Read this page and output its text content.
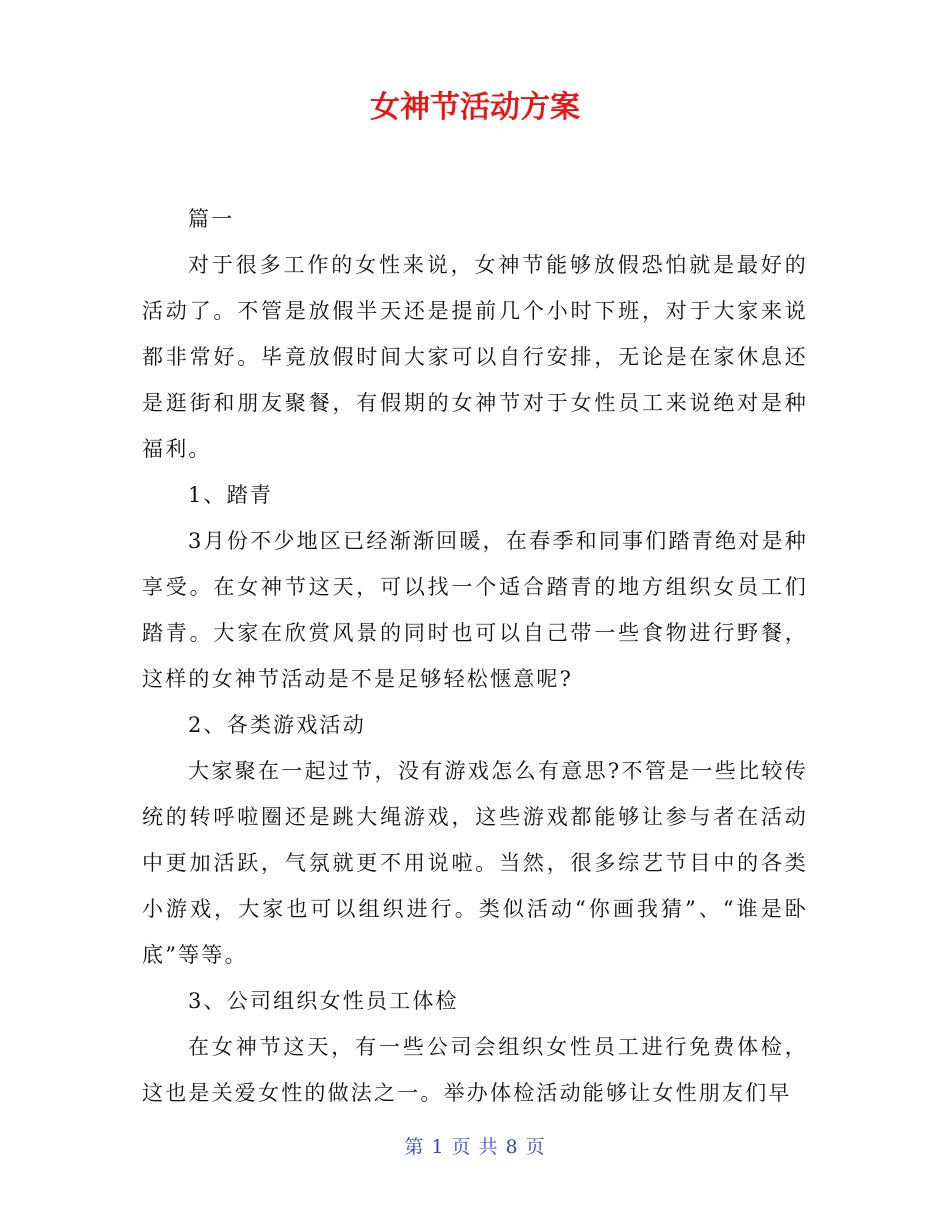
女神节活动方案

篇一

对于很多工作的女性来说，女神节能够放假恐怕就是最好的活动了。不管是放假半天还是提前几个小时下班，对于大家来说都非常好。毕竟放假时间大家可以自行安排，无论是在家休息还是逛街和朋友聚餐，有假期的女神节对于女性员工来说绝对是种福利。

1、踏青

3月份不少地区已经渐渐回暖，在春季和同事们踏青绝对是种享受。在女神节这天，可以找一个适合踏青的地方组织女员工们踏青。大家在欣赏风景的同时也可以自己带一些食物进行野餐，这样的女神节活动是不是足够轻松惬意呢?

2、各类游戏活动

大家聚在一起过节，没有游戏怎么有意思?不管是一些比较传统的转呼啦圈还是跳大绳游戏，这些游戏都能够让参与者在活动中更加活跃，气氛就更不用说啦。当然，很多综艺节目中的各类小游戏，大家也可以组织进行。类似活动“你画我猜”、“谁是卧底”等等。

3、公司组织女性员工体检

在女神节这天，有一些公司会组织女性员工进行免费体检，这也是关爱女性的做法之一。举办体检活动能够让女性朋友们早

第 1 页 共 8 页
